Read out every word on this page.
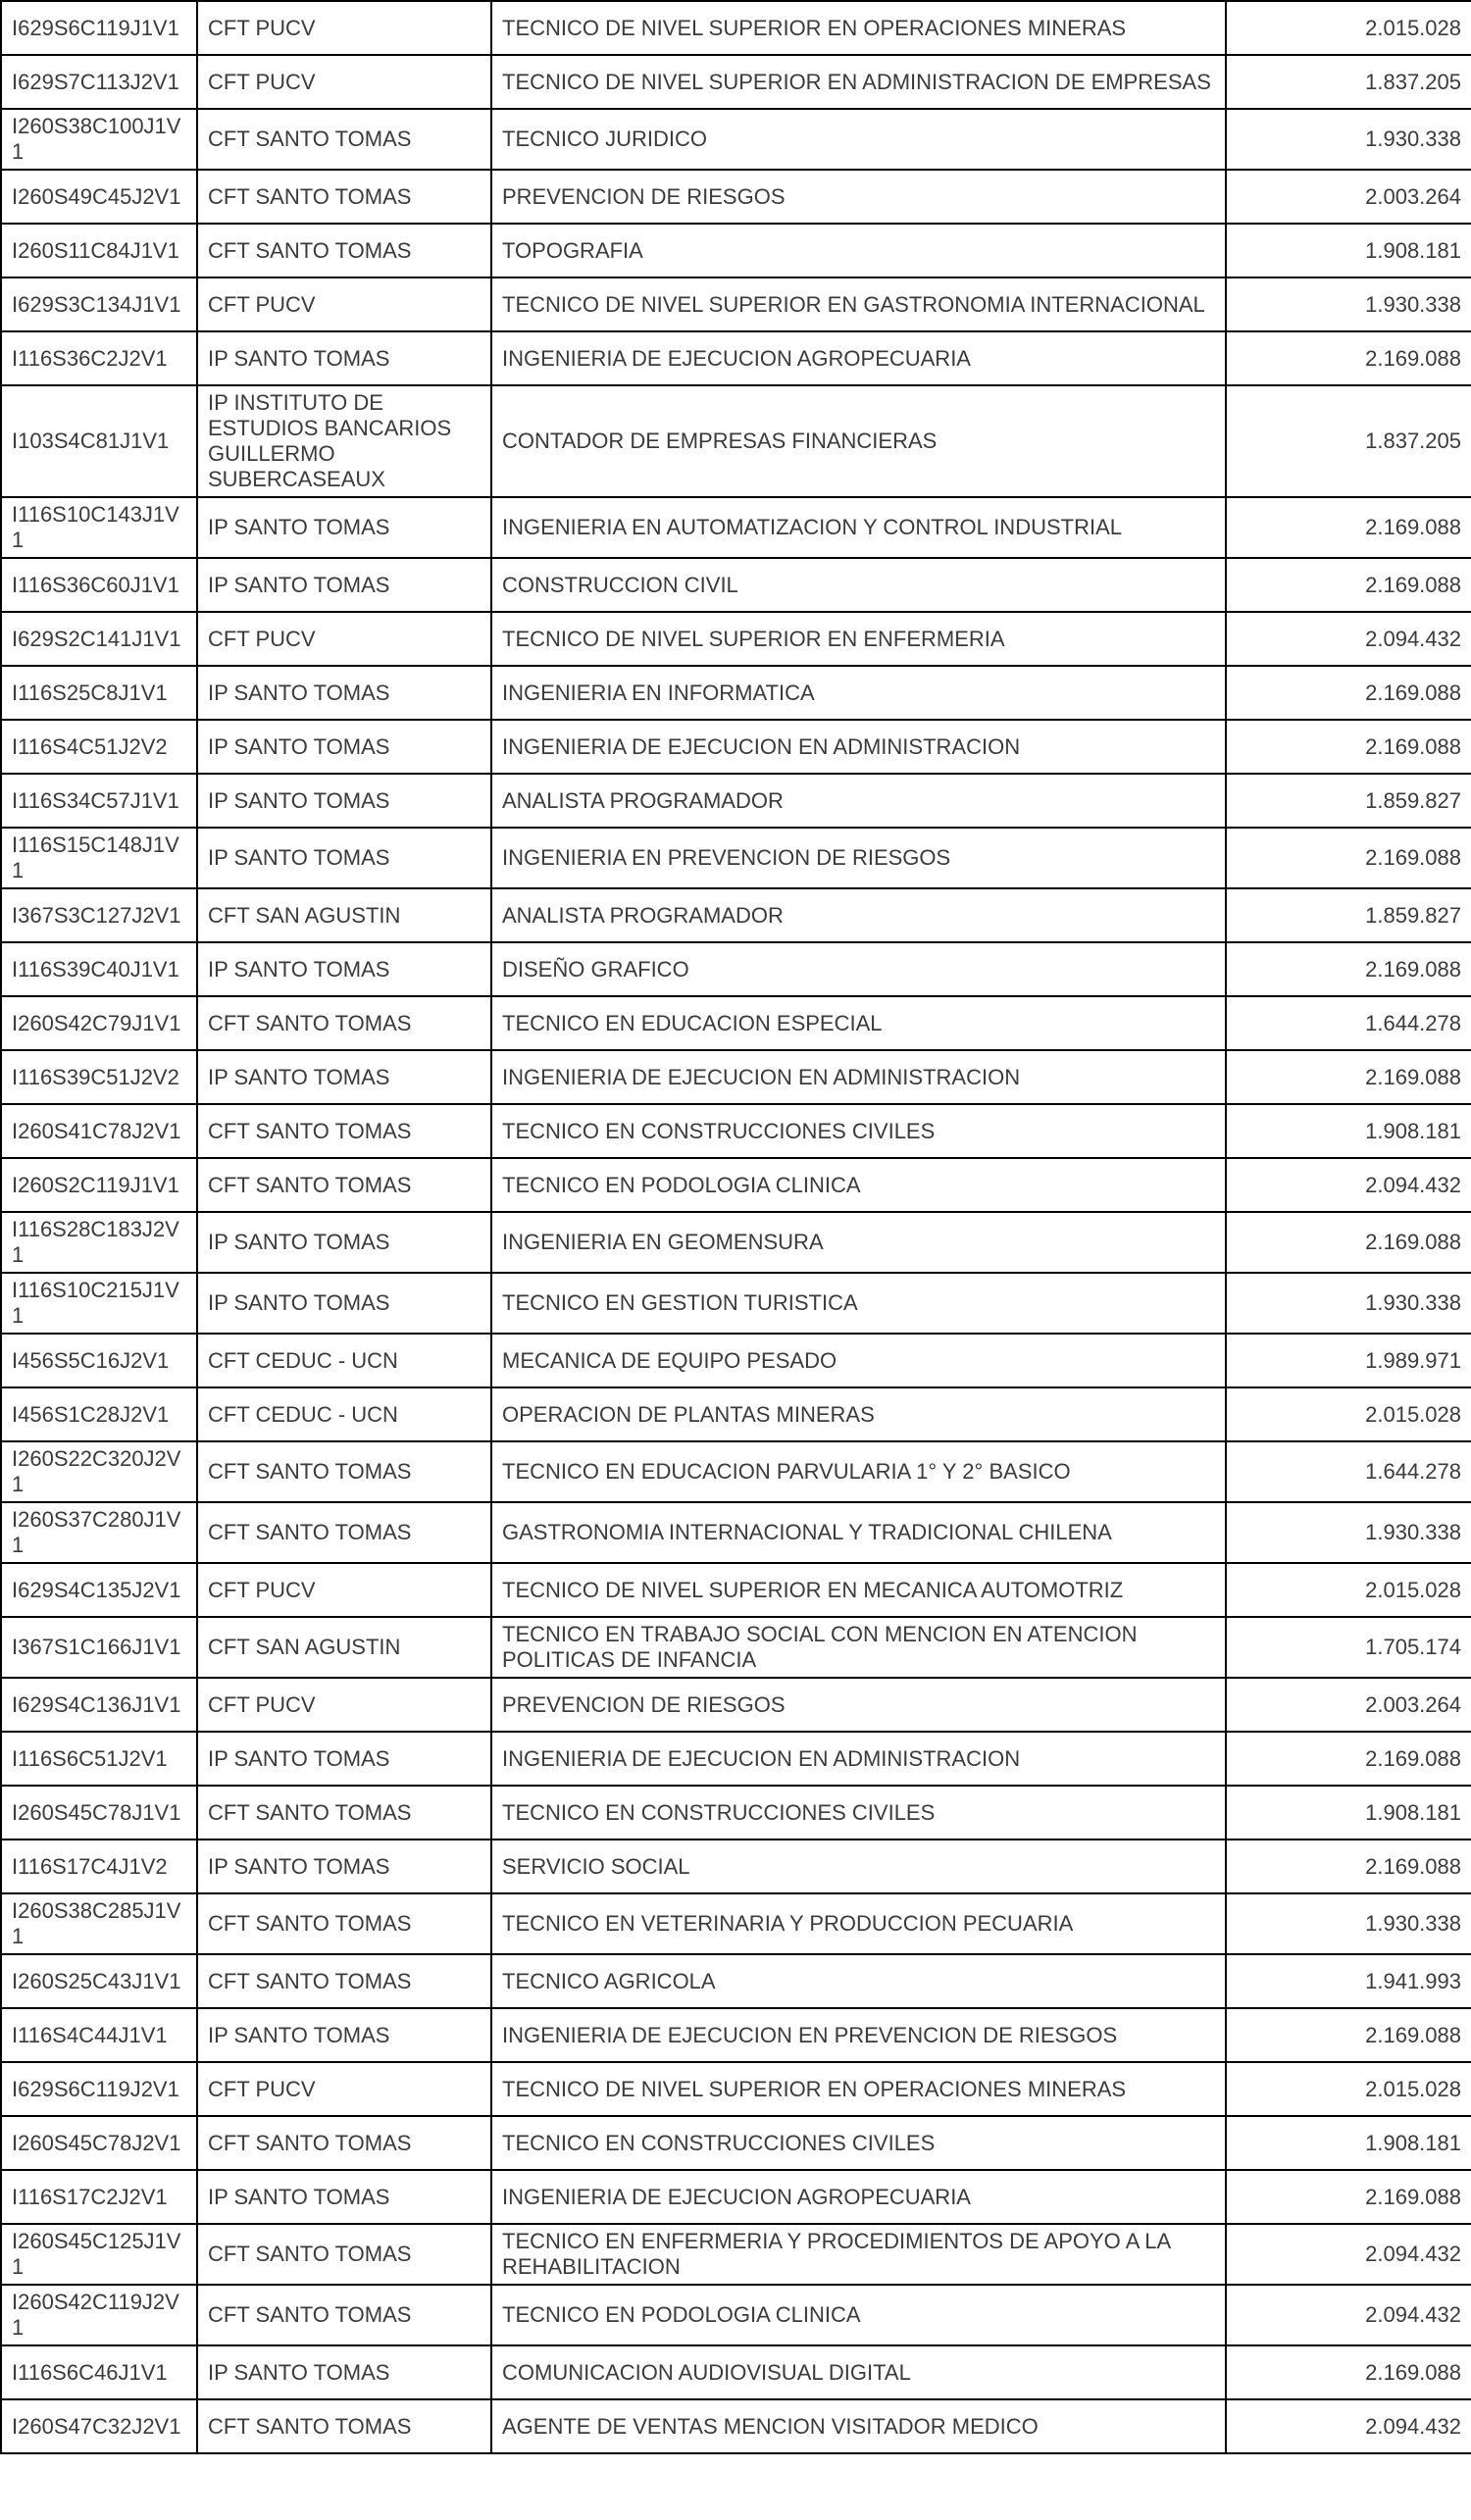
I629S6C119J1V1	CFT PUCV	TECNICO DE NIVEL SUPERIOR EN OPERACIONES MINERAS	2.015.028
I629S7C113J2V1	CFT PUCV	TECNICO DE NIVEL SUPERIOR EN ADMINISTRACION DE EMPRESAS	1.837.205
I260S38C100J1V1	CFT SANTO TOMAS	TECNICO JURIDICO	1.930.338
I260S49C45J2V1	CFT SANTO TOMAS	PREVENCION DE RIESGOS	2.003.264
I260S11C84J1V1	CFT SANTO TOMAS	TOPOGRAFIA	1.908.181
I629S3C134J1V1	CFT PUCV	TECNICO DE NIVEL SUPERIOR EN GASTRONOMIA INTERNACIONAL	1.930.338
I116S36C2J2V1	IP SANTO TOMAS	INGENIERIA DE EJECUCION AGROPECUARIA	2.169.088
I103S4C81J1V1	IP INSTITUTO DE ESTUDIOS BANCARIOS GUILLERMO SUBERCASEAUX	CONTADOR DE EMPRESAS FINANCIERAS	1.837.205
I116S10C143J1V1	IP SANTO TOMAS	INGENIERIA EN AUTOMATIZACION Y CONTROL INDUSTRIAL	2.169.088
I116S36C60J1V1	IP SANTO TOMAS	CONSTRUCCION CIVIL	2.169.088
I629S2C141J1V1	CFT PUCV	TECNICO DE NIVEL SUPERIOR EN ENFERMERIA	2.094.432
I116S25C8J1V1	IP SANTO TOMAS	INGENIERIA EN INFORMATICA	2.169.088
I116S4C51J2V2	IP SANTO TOMAS	INGENIERIA DE EJECUCION EN ADMINISTRACION	2.169.088
I116S34C57J1V1	IP SANTO TOMAS	ANALISTA PROGRAMADOR	1.859.827
I116S15C148J1V1	IP SANTO TOMAS	INGENIERIA EN PREVENCION DE RIESGOS	2.169.088
I367S3C127J2V1	CFT SAN AGUSTIN	ANALISTA PROGRAMADOR	1.859.827
I116S39C40J1V1	IP SANTO TOMAS	DISEÑO GRAFICO	2.169.088
I260S42C79J1V1	CFT SANTO TOMAS	TECNICO EN EDUCACION ESPECIAL	1.644.278
I116S39C51J2V2	IP SANTO TOMAS	INGENIERIA DE EJECUCION EN ADMINISTRACION	2.169.088
I260S41C78J2V1	CFT SANTO TOMAS	TECNICO EN CONSTRUCCIONES CIVILES	1.908.181
I260S2C119J1V1	CFT SANTO TOMAS	TECNICO EN PODOLOGIA CLINICA	2.094.432
I116S28C183J2V1	IP SANTO TOMAS	INGENIERIA EN GEOMENSURA	2.169.088
I116S10C215J1V1	IP SANTO TOMAS	TECNICO EN GESTION TURISTICA	1.930.338
I456S5C16J2V1	CFT CEDUC - UCN	MECANICA DE EQUIPO PESADO	1.989.971
I456S1C28J2V1	CFT CEDUC - UCN	OPERACION DE PLANTAS MINERAS	2.015.028
I260S22C320J2V1	CFT SANTO TOMAS	TECNICO EN EDUCACION PARVULARIA 1° Y 2° BASICO	1.644.278
I260S37C280J1V1	CFT SANTO TOMAS	GASTRONOMIA INTERNACIONAL Y TRADICIONAL CHILENA	1.930.338
I629S4C135J2V1	CFT PUCV	TECNICO DE NIVEL SUPERIOR EN MECANICA AUTOMOTRIZ	2.015.028
I367S1C166J1V1	CFT SAN AGUSTIN	TECNICO EN TRABAJO SOCIAL CON MENCION EN ATENCION POLITICAS DE INFANCIA	1.705.174
I629S4C136J1V1	CFT PUCV	PREVENCION DE RIESGOS	2.003.264
I116S6C51J2V1	IP SANTO TOMAS	INGENIERIA DE EJECUCION EN ADMINISTRACION	2.169.088
I260S45C78J1V1	CFT SANTO TOMAS	TECNICO EN CONSTRUCCIONES CIVILES	1.908.181
I116S17C4J1V2	IP SANTO TOMAS	SERVICIO SOCIAL	2.169.088
I260S38C285J1V1	CFT SANTO TOMAS	TECNICO EN VETERINARIA Y PRODUCCION PECUARIA	1.930.338
I260S25C43J1V1	CFT SANTO TOMAS	TECNICO AGRICOLA	1.941.993
I116S4C44J1V1	IP SANTO TOMAS	INGENIERIA DE EJECUCION EN PREVENCION DE RIESGOS	2.169.088
I629S6C119J2V1	CFT PUCV	TECNICO DE NIVEL SUPERIOR EN OPERACIONES MINERAS	2.015.028
I260S45C78J2V1	CFT SANTO TOMAS	TECNICO EN CONSTRUCCIONES CIVILES	1.908.181
I116S17C2J2V1	IP SANTO TOMAS	INGENIERIA DE EJECUCION AGROPECUARIA	2.169.088
I260S45C125J1V1	CFT SANTO TOMAS	TECNICO EN ENFERMERIA Y PROCEDIMIENTOS DE APOYO A LA REHABILITACION	2.094.432
I260S42C119J2V1	CFT SANTO TOMAS	TECNICO EN PODOLOGIA CLINICA	2.094.432
I116S6C46J1V1	IP SANTO TOMAS	COMUNICACION AUDIOVISUAL DIGITAL	2.169.088
I260S47C32J2V1	CFT SANTO TOMAS	AGENTE DE VENTAS MENCION VISITADOR MEDICO	2.094.432
